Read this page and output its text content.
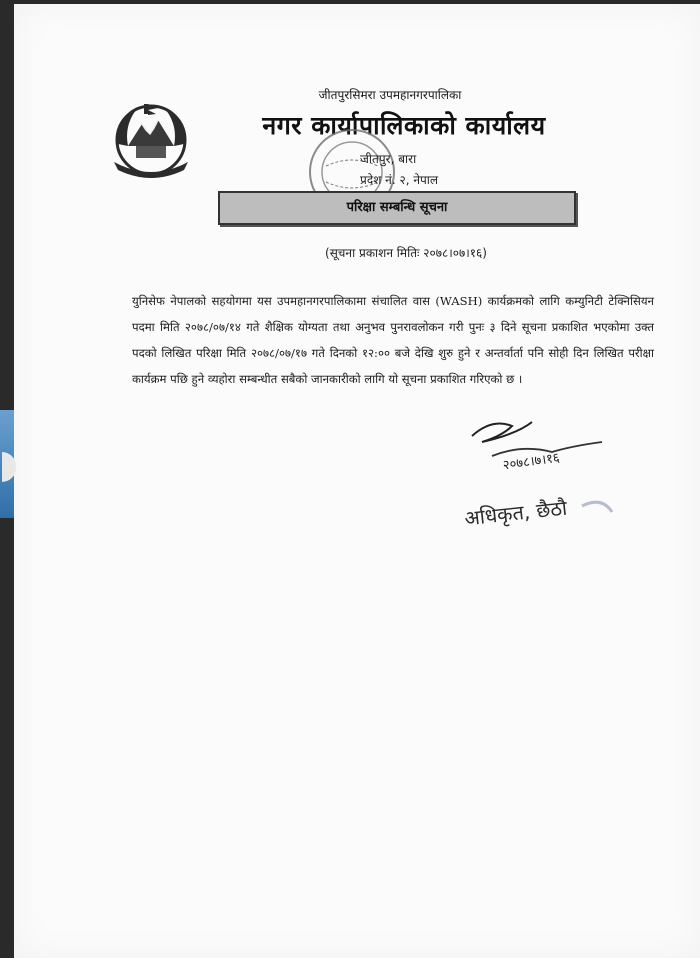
जीतपुरसिमरा उपमहानगरपालिका
नगर कार्यापालिकाको कार्यालय
जीतपुर, बारा
प्रदेश नं. २, नेपाल
परिक्षा सम्बन्धि सूचना
(सूचना प्रकाशन मितिः २०७८।०७।१६)
युनिसेफ नेपालको सहयोगमा यस उपमहानगरपालिकामा संचालित वास (WASH) कार्यक्रमको लागि कम्युनिटी टेक्निसियन पदमा मिति २०७८/०७/१४ गते शैक्षिक योग्यता तथा अनुभव पुनरावलोकन गरी पुनः ३ दिने सूचना प्रकाशित भएकोमा उक्त पदको लिखित परिक्षा मिति २०७८/०७/१७ गते दिनको १२:०० बजे देखि शुरु हुने र अन्तर्वार्ता पनि सोही दिन लिखित परीक्षा कार्यक्रम पछि हुने व्यहोरा सम्बन्धीत सबैको जानकारीको लागि यो सूचना प्रकाशित गरिएको छ ।
२०७८।७।१६
अधिकृत, छैठौ
